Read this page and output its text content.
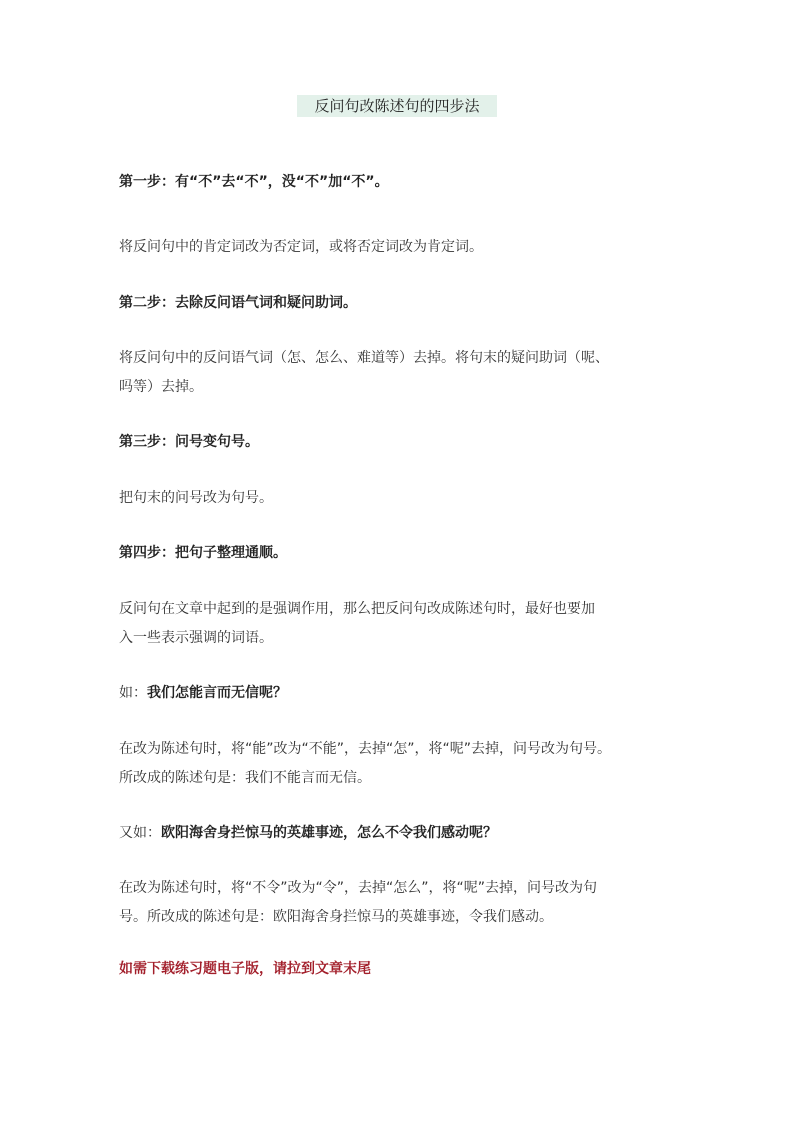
反问句改陈述句的四步法
第一步：有“不”去“不”，没“不”加“不”。
将反问句中的肯定词改为否定词，或将否定词改为肯定词。
第二步：去除反问语气词和疑问助词。
将反问句中的反问语气词（怎、怎么、难道等）去掉。将句末的疑问助词（呢、
吗等）去掉。
第三步：问号变句号。
把句末的问号改为句号。
第四步：把句子整理通顺。
反问句在文章中起到的是强调作用，那么把反问句改成陈述句时，最好也要加
入一些表示强调的词语。
如：我们怎能言而无信呢？
在改为陈述句时，将“能”改为“不能”，去掉“怎”，将“呢”去掉，问号改为句号。
所改成的陈述句是：我们不能言而无信。
又如：欧阳海舍身拦惊马的英雄事迹，怎么不令我们感动呢？
在改为陈述句时，将“不令”改为“令”，去掉“怎么”，将“呢”去掉，问号改为句
号。所改成的陈述句是：欧阳海舍身拦惊马的英雄事迹，令我们感动。
如需下载练习题电子版，请拉到文章末尾
